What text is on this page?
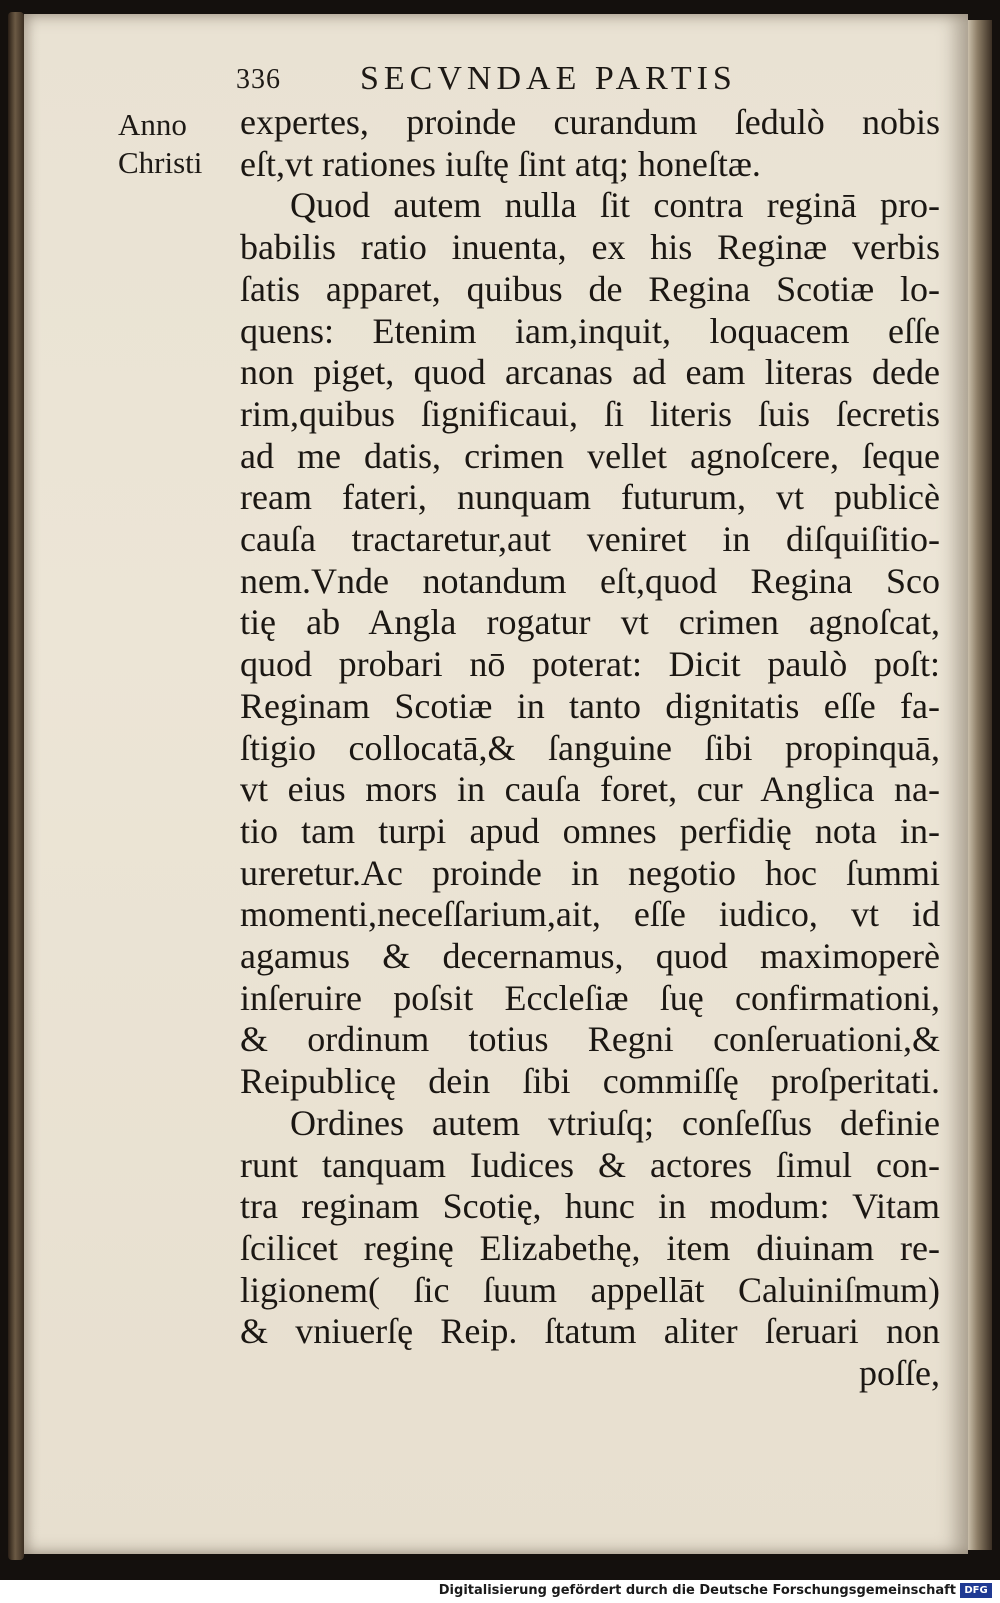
336 SECVNDAE PARTIS
Anno
Christi
expertes, proinde curandum ſedulò nobis
eſt,vt rationes iuſtę ſint atq; honeſtæ.
Quod autem nulla ſit contra reginā pro-
babilis ratio inuenta, ex his Reginæ verbis
ſatis apparet, quibus de Regina Scotiæ lo-
quens: Etenim iam,inquit, loquacem eſſe
non piget, quod arcanas ad eam literas dede
rim,quibus ſignificaui, ſi literis ſuis ſecretis
ad me datis, crimen vellet agnoſcere, ſeque
ream fateri, nunquam futurum, vt publicè
cauſa tractaretur,aut veniret in diſquiſitio-
nem.Vnde notandum eſt,quod Regina Sco
tię ab Angla rogatur vt crimen agnoſcat,
quod probari nō poterat: Dicit paulò poſt:
Reginam Scotiæ in tanto dignitatis eſſe fa-
ſtigio collocatā,& ſanguine ſibi propinquā,
vt eius mors in cauſa foret, cur Anglica na-
tio tam turpi apud omnes perfidię nota in-
ureretur.Ac proinde in negotio hoc ſummi
momenti,neceſſarium,ait, eſſe iudico, vt id
agamus & decernamus, quod maximoperè
inſeruire poſsit Eccleſiæ ſuę confirmationi,
& ordinum totius Regni conſeruationi,&
Reipublicę dein ſibi commiſſę proſperitati.
Ordines autem vtriuſq; conſeſſus definie
runt tanquam Iudices & actores ſimul con-
tra reginam Scotię, hunc in modum: Vitam
ſcilicet reginę Elizabethę, item diuinam re-
ligionem( ſic ſuum appellāt Caluiniſmum)
& vniuerſę Reip. ſtatum aliter ſeruari non
poſſe,
Digitalisierung gefördert durch die Deutsche Forschungsgemeinschaft DFG
